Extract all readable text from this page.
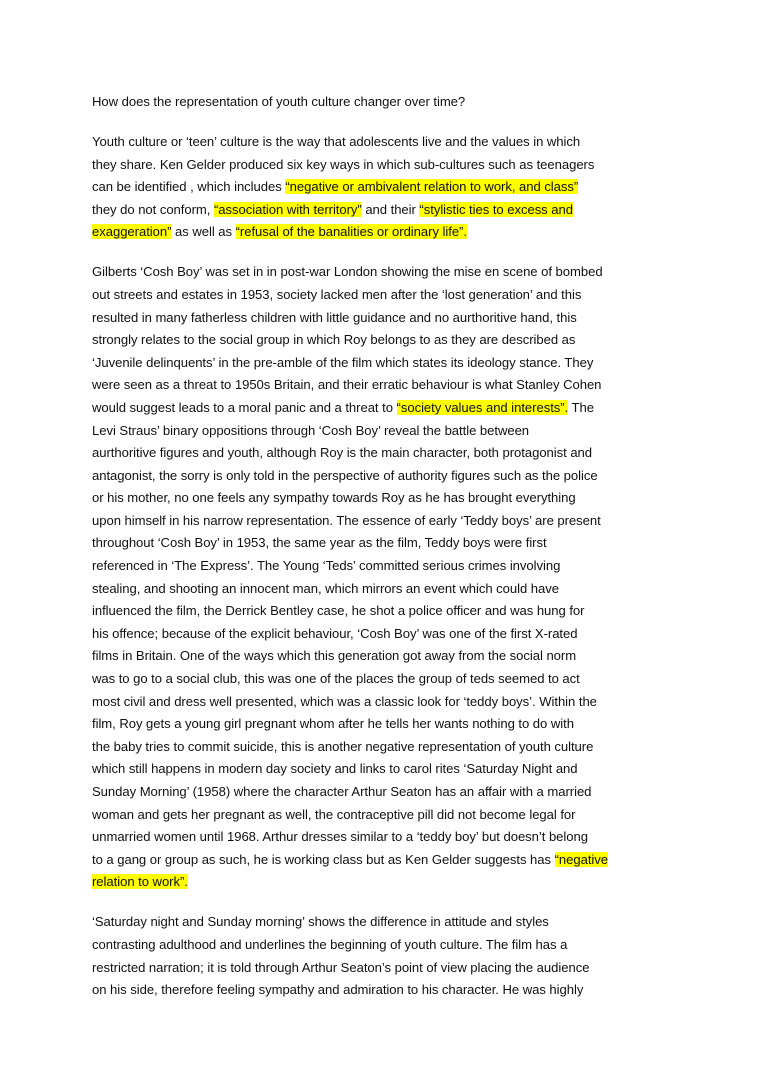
How does the representation of youth culture changer over time?
Youth culture or ‘teen’ culture is the way that adolescents live and the values in which
they share. Ken Gelder produced six key ways in which sub-cultures such as teenagers
can be identified , which includes “negative or ambivalent relation to work, and class”
they do not conform, “association with territory” and their “stylistic ties to excess and
exaggeration” as well as “refusal of the banalities or ordinary life”.
Gilberts ‘Cosh Boy’ was set in in post-war London showing the mise en scene of bombed
out streets and estates in 1953, society lacked men after the ‘lost generation’ and this
resulted in many fatherless children with little guidance and no aurthoritive hand, this
strongly relates to the social group in which Roy belongs to as they are described as
‘Juvenile delinquents’ in the pre-amble of the film which states its ideology stance. They
were seen as a threat to 1950s Britain, and their erratic behaviour is what Stanley Cohen
would suggest leads to a moral panic and a threat to “society values and interests”. The
Levi Straus’ binary oppositions through ‘Cosh Boy’ reveal the battle between
aurthoritive figures and youth, although Roy is the main character, both protagonist and
antagonist, the sorry is only told in the perspective of authority figures such as the police
or his mother, no one feels any sympathy towards Roy as he has brought everything
upon himself in his narrow representation. The essence of early ‘Teddy boys’ are present
throughout ‘Cosh Boy’ in 1953, the same year as the film, Teddy boys were first
referenced in ‘The Express’. The Young ‘Teds’ committed serious crimes involving
stealing, and shooting an innocent man, which mirrors an event which could have
influenced the film, the Derrick Bentley case, he shot a police officer and was hung for
his offence; because of the explicit behaviour, ‘Cosh Boy’ was one of the first X-rated
films in Britain. One of the ways which this generation got away from the social norm
was to go to a social club, this was one of the places the group of teds seemed to act
most civil and dress well presented, which was a classic look for ‘teddy boys’. Within the
film, Roy gets a young girl pregnant whom after he tells her wants nothing to do with
the baby tries to commit suicide, this is another negative representation of youth culture
which still happens in modern day society and links to carol rites ‘Saturday Night and
Sunday Morning’ (1958) where the character Arthur Seaton has an affair with a married
woman and gets her pregnant as well, the contraceptive pill did not become legal for
unmarried women until 1968. Arthur dresses similar to a ‘teddy boy’ but doesn’t belong
to a gang or group as such, he is working class but as Ken Gelder suggests has “negative
relation to work”.
‘Saturday night and Sunday morning’ shows the difference in attitude and styles
contrasting adulthood and underlines the beginning of youth culture. The film has a
restricted narration; it is told through Arthur Seaton’s point of view placing the audience
on his side, therefore feeling sympathy and admiration to his character. He was highly
